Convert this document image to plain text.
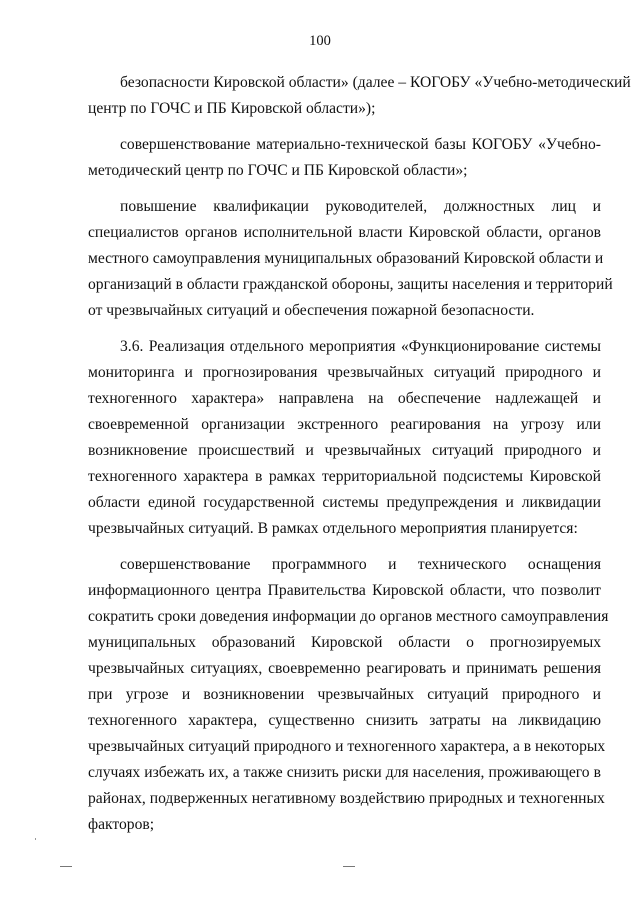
100

безопасности Кировской области» (далее – КОГОБУ «Учебно-методический
центр по ГОЧС и ПБ Кировской области»);

совершенствование материально-технической базы КОГОБУ «Учебно-
методический центр по ГОЧС и ПБ Кировской области»;

повышение квалификации руководителей, должностных лиц и
специалистов органов исполнительной власти Кировской области, органов
местного самоуправления муниципальных образований Кировской области и
организаций в области гражданской обороны, защиты населения и территорий
от чрезвычайных ситуаций и обеспечения пожарной безопасности.

3.6. Реализация отдельного мероприятия «Функционирование системы
мониторинга и прогнозирования чрезвычайных ситуаций природного и
техногенного характера» направлена на обеспечение надлежащей и
своевременной организации экстренного реагирования на угрозу или
возникновение происшествий и чрезвычайных ситуаций природного и
техногенного характера в рамках территориальной подсистемы Кировской
области единой государственной системы предупреждения и ликвидации
чрезвычайных ситуаций. В рамках отдельного мероприятия планируется:

совершенствование программного и технического оснащения
информационного центра Правительства Кировской области, что позволит
сократить сроки доведения информации до органов местного самоуправления
муниципальных образований Кировской области о прогнозируемых
чрезвычайных ситуациях, своевременно реагировать и принимать решения
при угрозе и возникновении чрезвычайных ситуаций природного и
техногенного характера, существенно снизить затраты на ликвидацию
чрезвычайных ситуаций природного и техногенного характера, а в некоторых
случаях избежать их, а также снизить риски для населения, проживающего в
районах, подверженных негативному воздействию природных и техногенных
факторов;
